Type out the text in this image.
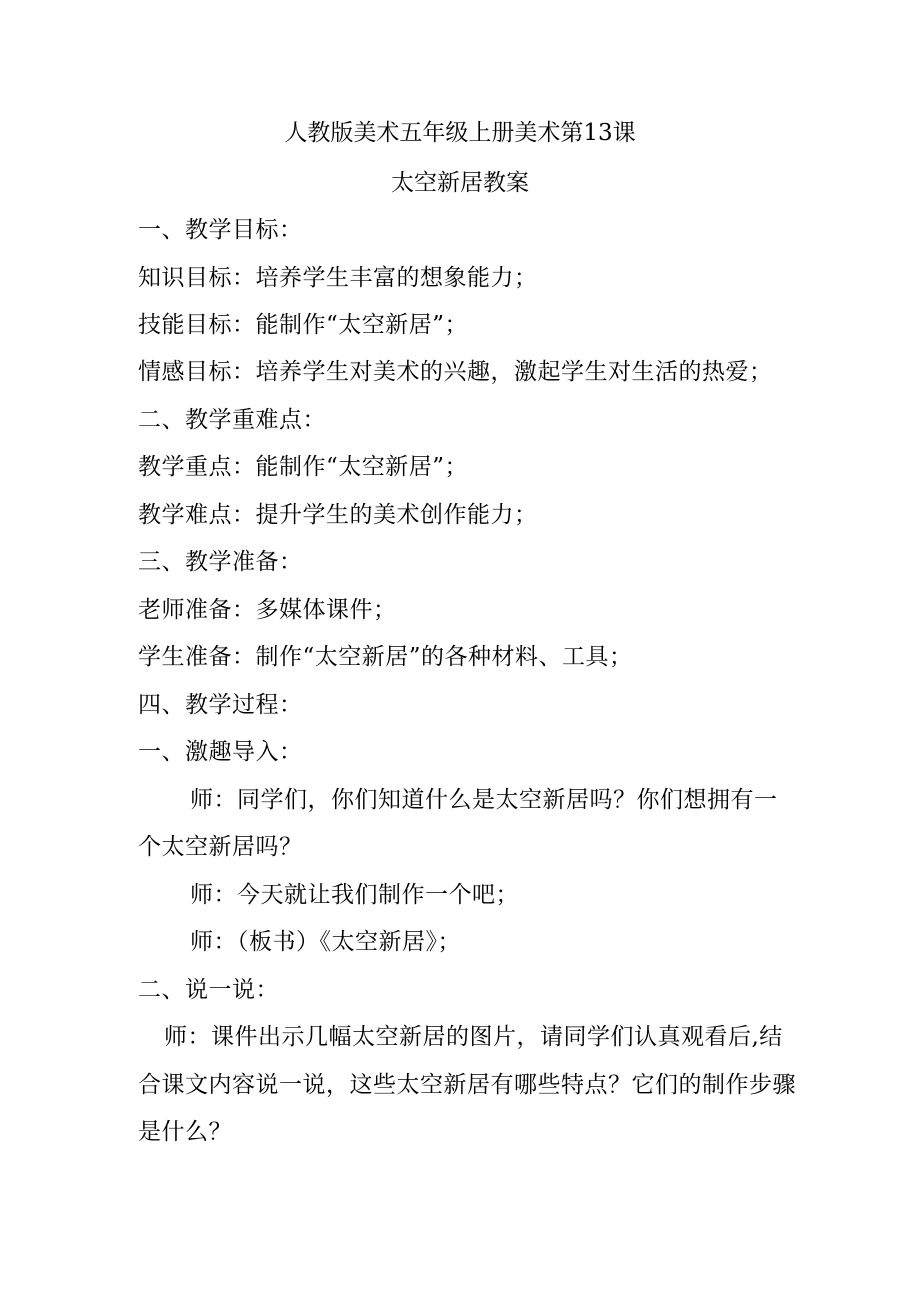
人教版美术五年级上册美术第13课
太空新居教案
一、教学目标：
知识目标：培养学生丰富的想象能力；
技能目标：能制作“太空新居”；
情感目标：培养学生对美术的兴趣，激起学生对生活的热爱；
二、教学重难点：
教学重点：能制作“太空新居”；
教学难点：提升学生的美术创作能力；
三、教学准备：
老师准备：多媒体课件；
学生准备：制作“太空新居”的各种材料、工具；
四、教学过程：
一、激趣导入：
师：同学们，你们知道什么是太空新居吗？你们想拥有一
个太空新居吗？
师：今天就让我们制作一个吧；
师：（板书）《太空新居》；
二、说一说：
师：课件出示几幅太空新居的图片，请同学们认真观看后,结
合课文内容说一说，这些太空新居有哪些特点？它们的制作步骤
是什么？
